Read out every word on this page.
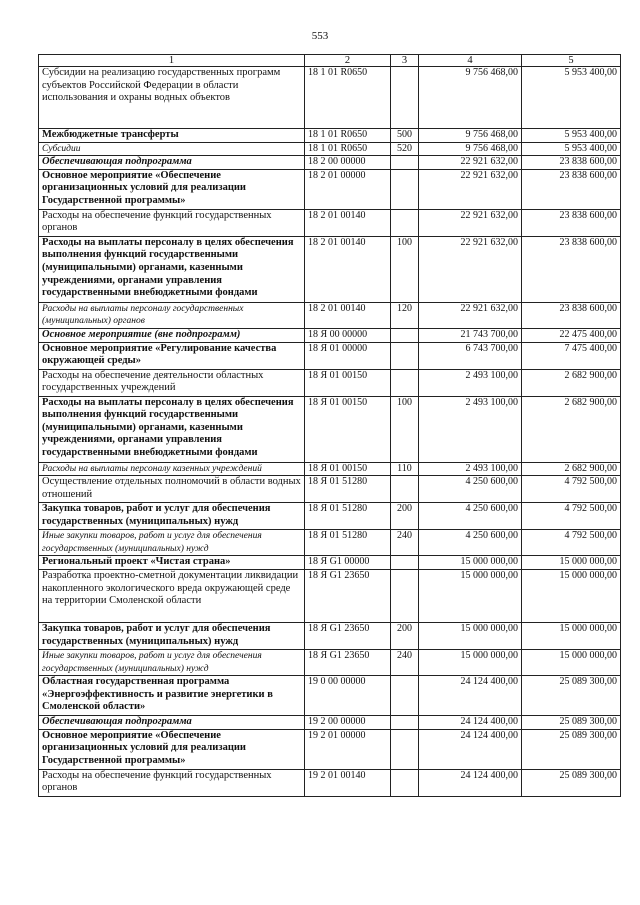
553
1	2	3	4	5
Субсидии на реализацию государственных программ субъектов Российской Федерации в области использования и охраны водных объектов	18 1 01 R0650		9 756 468,00	5 953 400,00
Межбюджетные трансферты	18 1 01 R0650	500	9 756 468,00	5 953 400,00
Субсидии	18 1 01 R0650	520	9 756 468,00	5 953 400,00
Обеспечивающая подпрограмма	18 2 00 00000		22 921 632,00	23 838 600,00
Основное мероприятие «Обеспечение организационных условий для реализации Государственной программы»	18 2 01 00000		22 921 632,00	23 838 600,00
Расходы на обеспечение функций государственных органов	18 2 01 00140		22 921 632,00	23 838 600,00
Расходы на выплаты персоналу в целях обеспечения выполнения функций государственными (муниципальными) органами, казенными учреждениями, органами управления государственными внебюджетными фондами	18 2 01 00140	100	22 921 632,00	23 838 600,00
Расходы на выплаты персоналу государственных (муниципальных) органов	18 2 01 00140	120	22 921 632,00	23 838 600,00
Основное мероприятие (вне подпрограмм)	18 Я 00 00000		21 743 700,00	22 475 400,00
Основное мероприятие «Регулирование качества окружающей среды»	18 Я 01 00000		6 743 700,00	7 475 400,00
Расходы на обеспечение деятельности областных государственных учреждений	18 Я 01 00150		2 493 100,00	2 682 900,00
Расходы на выплаты персоналу в целях обеспечения выполнения функций государственными (муниципальными) органами, казенными учреждениями, органами управления государственными внебюджетными фондами	18 Я 01 00150	100	2 493 100,00	2 682 900,00
Расходы на выплаты персоналу казенных учреждений	18 Я 01 00150	110	2 493 100,00	2 682 900,00
Осуществление отдельных полномочий в области водных отношений	18 Я 01 51280		4 250 600,00	4 792 500,00
Закупка товаров, работ и услуг для обеспечения государственных (муниципальных) нужд	18 Я 01 51280	200	4 250 600,00	4 792 500,00
Иные закупки товаров, работ и услуг для обеспечения государственных (муниципальных) нужд	18 Я 01 51280	240	4 250 600,00	4 792 500,00
Региональный проект «Чистая страна»	18 Я G1 00000		15 000 000,00	15 000 000,00
Разработка проектно-сметной документации ликвидации накопленного экологического вреда окружающей среде на территории Смоленской области	18 Я G1 23650		15 000 000,00	15 000 000,00
Закупка товаров, работ и услуг для обеспечения государственных (муниципальных) нужд	18 Я G1 23650	200	15 000 000,00	15 000 000,00
Иные закупки товаров, работ и услуг для обеспечения государственных (муниципальных) нужд	18 Я G1 23650	240	15 000 000,00	15 000 000,00
Областная государственная программа «Энергоэффективность и развитие энергетики в Смоленской области»	19 0 00 00000		24 124 400,00	25 089 300,00
Обеспечивающая подпрограмма	19 2 00 00000		24 124 400,00	25 089 300,00
Основное мероприятие «Обеспечение организационных условий для реализации Государственной программы»	19 2 01 00000		24 124 400,00	25 089 300,00
Расходы на обеспечение функций государственных органов	19 2 01 00140		24 124 400,00	25 089 300,00
